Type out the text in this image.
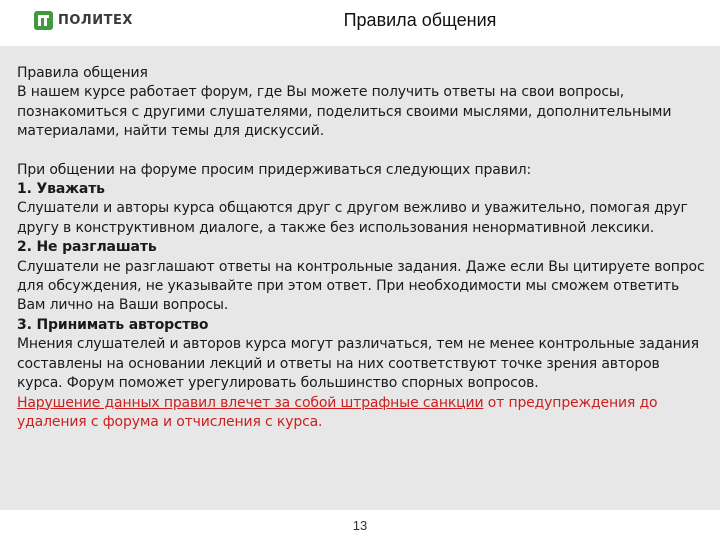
ПОЛИТЕХ	Правила общения

Правила общения

В нашем курсе работает форум, где Вы можете получить ответы на свои вопросы, познакомиться с другими слушателями, поделиться своими мыслями, дополнительными материалами, найти темы для дискуссий.

При общении на форуме просим придерживаться следующих правил:

1. Уважать

Слушатели и авторы курса общаются друг с другом вежливо и уважительно, помогая друг другу в конструктивном диалоге, а также без использования ненормативной лексики.

2. Не разглашать

Слушатели не разглашают ответы на контрольные задания. Даже если Вы цитируете вопрос для обсуждения, не указывайте при этом ответ. При необходимости мы сможем ответить Вам лично на Ваши вопросы.

3. Принимать авторство

Мнения слушателей и авторов курса могут различаться, тем не менее контрольные задания составлены на основании лекций и ответы на них соответствуют точке зрения авторов курса. Форум поможет урегулировать большинство спорных вопросов.

Нарушение данных правил влечет за собой штрафные санкции от предупреждения до удаления с форума и отчисления с курса.

13
